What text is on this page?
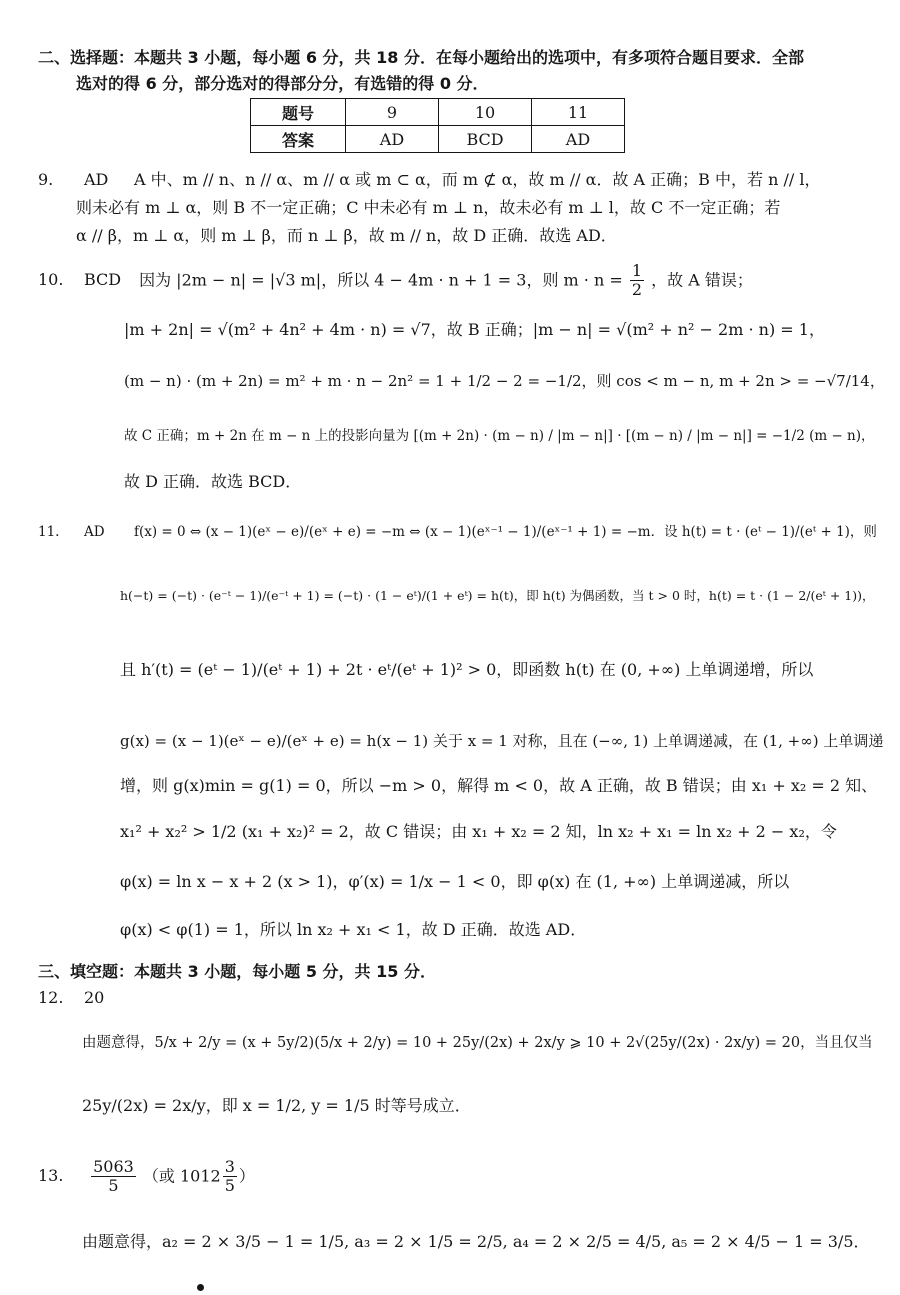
二、选择题：本题共 3 小题，每小题 6 分，共 18 分．在每小题给出的选项中，有多项符合题目要求．全部
选对的得 6 分，部分选对的得部分分，有选错的得 0 分．
题号	9	10	11
答案	AD	BCD	AD
9. AD A 中、m // n、n // α、m // α 或 m ⊂ α，而 m ⊄ α，故 m // α．故 A 正确；B 中，若 n // l，
则未必有 m ⊥ α，则 B 不一定正确；C 中未必有 m ⊥ n，故未必有 m ⊥ l，故 C 不一定正确；若
α // β，m ⊥ α，则 m ⊥ β，而 n ⊥ β，故 m // n，故 D 正确．故选 AD．
10. BCD 因为 |2m − n| = |√3 m|，所以 4 − 4m · n + 1 = 3，则 $m \cdot n = \frac{1}{2}$ ，故 A 错误；
|m + 2n| = √(m² + 4n² + 4m · n) = √7，故 B 正确；|m − n| = √(m² + n² − 2m · n) = 1，
(m − n) · (m + 2n) = m² + m · n − 2n² = 1 + 1/2 − 2 = −1/2，则 cos < m − n, m + 2n > = −√7/14，
故 C 正确；m + 2n 在 m − n 上的投影向量为 [(m + 2n) · (m − n) / |m − n|] · [(m − n) / |m − n|] = −1/2 (m − n)，
故 D 正确．故选 BCD．
11. AD f(x) = 0 ⇔ (x − 1)(eˣ − e)/(eˣ + e) = −m ⇔ (x − 1)(eˣ⁻¹ − 1)/(eˣ⁻¹ + 1) = −m．设 h(t) = t · (eᵗ − 1)/(eᵗ + 1)，则
h(−t) = (−t) · (e⁻ᵗ − 1)/(e⁻ᵗ + 1) = (−t) · (1 − eᵗ)/(1 + eᵗ) = h(t)，即 h(t) 为偶函数，当 t > 0 时，h(t) = t · (1 − 2/(eᵗ + 1))，
且 h′(t) = (eᵗ − 1)/(eᵗ + 1) + 2t · eᵗ/(eᵗ + 1)² > 0，即函数 h(t) 在 (0, +∞) 上单调递增，所以
g(x) = (x − 1)(eˣ − e)/(eˣ + e) = h(x − 1) 关于 x = 1 对称，且在 (−∞, 1) 上单调递减，在 (1, +∞) 上单调递
增，则 g(x)min = g(1) = 0，所以 −m > 0，解得 m < 0，故 A 正确，故 B 错误；由 x₁ + x₂ = 2 知、
x₁² + x₂² > 1/2 (x₁ + x₂)² = 2，故 C 错误；由 x₁ + x₂ = 2 知，ln x₂ + x₁ = ln x₂ + 2 − x₂，令
φ(x) = ln x − x + 2 (x > 1)，φ′(x) = 1/x − 1 < 0，即 φ(x) 在 (1, +∞) 上单调递减，所以
φ(x) < φ(1) = 1，所以 ln x₂ + x₁ < 1，故 D 正确．故选 AD．
三、填空题：本题共 3 小题，每小题 5 分，共 15 分．
12. 20
由题意得，5/x + 2/y = (x + 5y/2)(5/x + 2/y) = 10 + 25y/(2x) + 2x/y ⩾ 10 + 2√(25y/(2x) · 2x/y) = 20，当且仅当
25y/(2x) = 2x/y，即 x = 1/2, y = 1/5 时等号成立．
13. $\frac{5063}{5}$ （或 $1012 \frac{3}{5}$ ）
由题意得，a₂ = 2 × 3/5 − 1 = 1/5, a₃ = 2 × 1/5 = 2/5, a₄ = 2 × 2/5 = 4/5, a₅ = 2 × 4/5 − 1 = 3/5．
